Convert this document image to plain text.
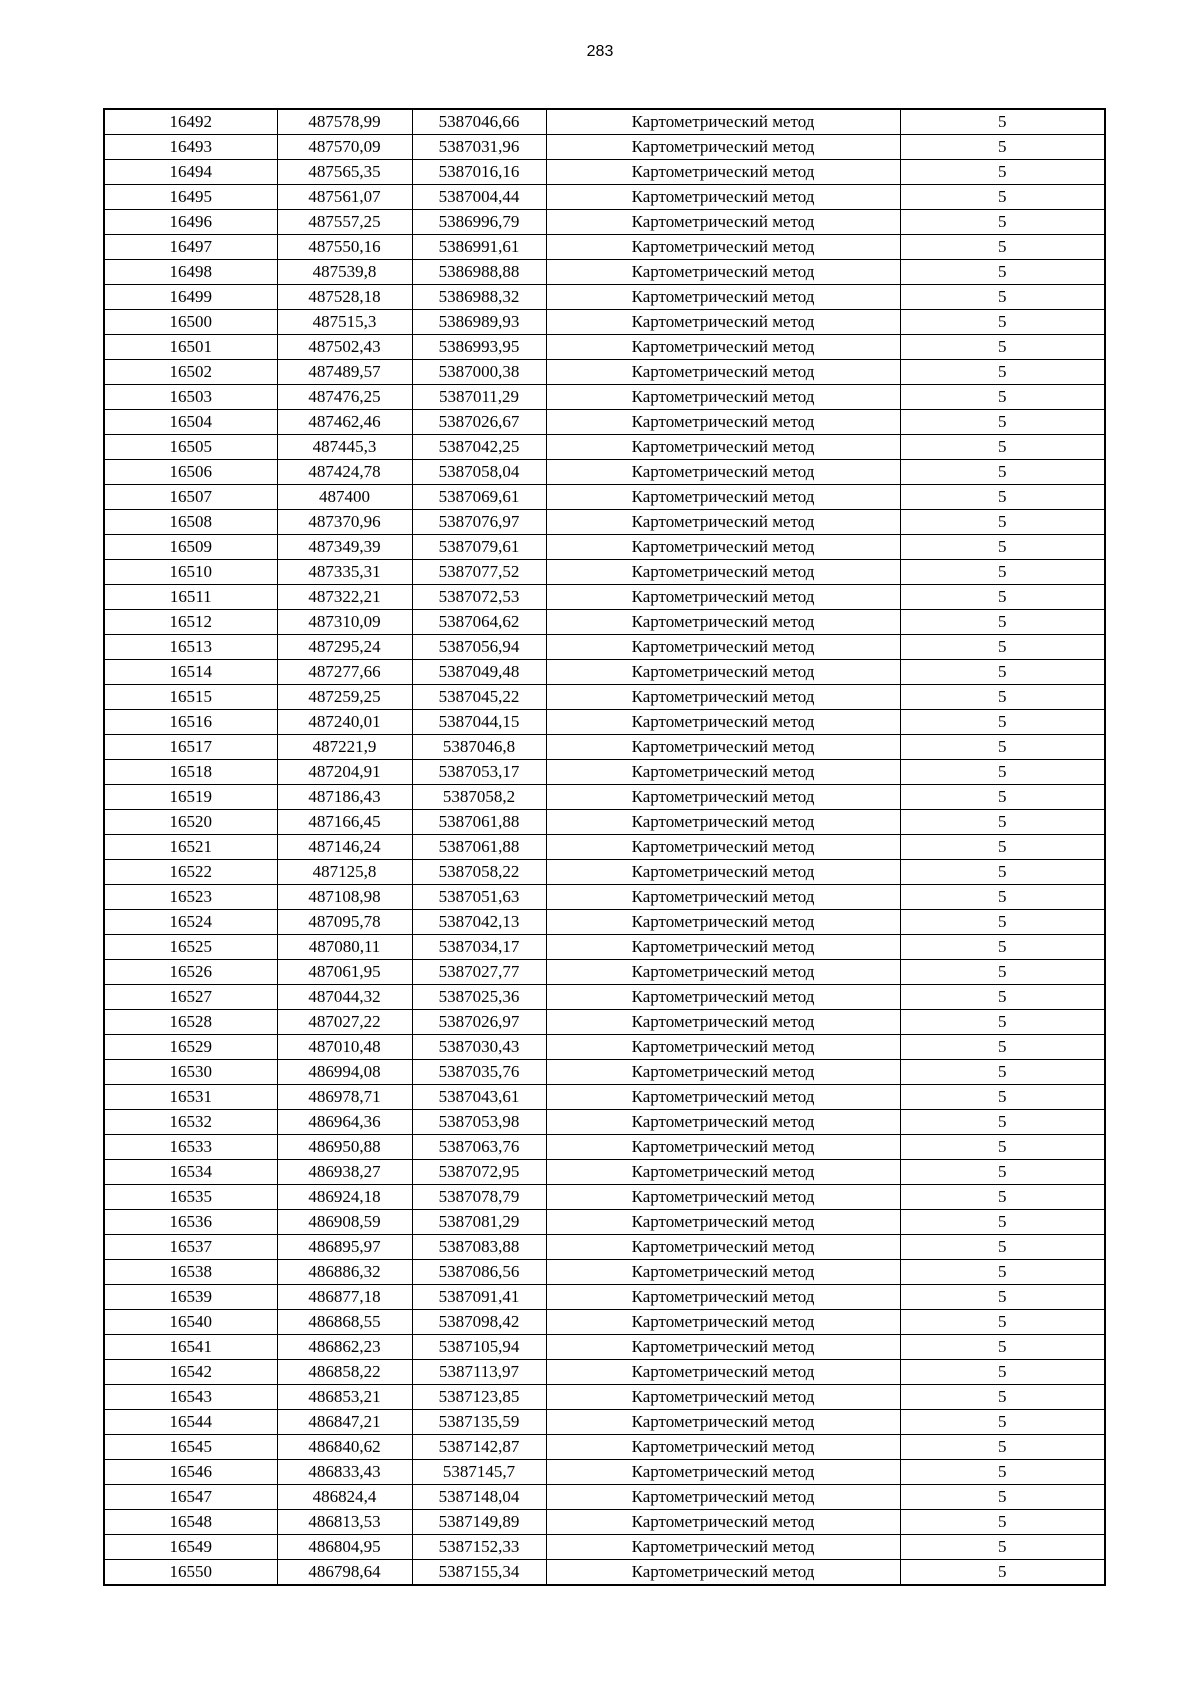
283
16492	487578,99	5387046,66	Картометрический метод	5
16493	487570,09	5387031,96	Картометрический метод	5
16494	487565,35	5387016,16	Картометрический метод	5
16495	487561,07	5387004,44	Картометрический метод	5
16496	487557,25	5386996,79	Картометрический метод	5
16497	487550,16	5386991,61	Картометрический метод	5
16498	487539,8	5386988,88	Картометрический метод	5
16499	487528,18	5386988,32	Картометрический метод	5
16500	487515,3	5386989,93	Картометрический метод	5
16501	487502,43	5386993,95	Картометрический метод	5
16502	487489,57	5387000,38	Картометрический метод	5
16503	487476,25	5387011,29	Картометрический метод	5
16504	487462,46	5387026,67	Картометрический метод	5
16505	487445,3	5387042,25	Картометрический метод	5
16506	487424,78	5387058,04	Картометрический метод	5
16507	487400	5387069,61	Картометрический метод	5
16508	487370,96	5387076,97	Картометрический метод	5
16509	487349,39	5387079,61	Картометрический метод	5
16510	487335,31	5387077,52	Картометрический метод	5
16511	487322,21	5387072,53	Картометрический метод	5
16512	487310,09	5387064,62	Картометрический метод	5
16513	487295,24	5387056,94	Картометрический метод	5
16514	487277,66	5387049,48	Картометрический метод	5
16515	487259,25	5387045,22	Картометрический метод	5
16516	487240,01	5387044,15	Картометрический метод	5
16517	487221,9	5387046,8	Картометрический метод	5
16518	487204,91	5387053,17	Картометрический метод	5
16519	487186,43	5387058,2	Картометрический метод	5
16520	487166,45	5387061,88	Картометрический метод	5
16521	487146,24	5387061,88	Картометрический метод	5
16522	487125,8	5387058,22	Картометрический метод	5
16523	487108,98	5387051,63	Картометрический метод	5
16524	487095,78	5387042,13	Картометрический метод	5
16525	487080,11	5387034,17	Картометрический метод	5
16526	487061,95	5387027,77	Картометрический метод	5
16527	487044,32	5387025,36	Картометрический метод	5
16528	487027,22	5387026,97	Картометрический метод	5
16529	487010,48	5387030,43	Картометрический метод	5
16530	486994,08	5387035,76	Картометрический метод	5
16531	486978,71	5387043,61	Картометрический метод	5
16532	486964,36	5387053,98	Картометрический метод	5
16533	486950,88	5387063,76	Картометрический метод	5
16534	486938,27	5387072,95	Картометрический метод	5
16535	486924,18	5387078,79	Картометрический метод	5
16536	486908,59	5387081,29	Картометрический метод	5
16537	486895,97	5387083,88	Картометрический метод	5
16538	486886,32	5387086,56	Картометрический метод	5
16539	486877,18	5387091,41	Картометрический метод	5
16540	486868,55	5387098,42	Картометрический метод	5
16541	486862,23	5387105,94	Картометрический метод	5
16542	486858,22	5387113,97	Картометрический метод	5
16543	486853,21	5387123,85	Картометрический метод	5
16544	486847,21	5387135,59	Картометрический метод	5
16545	486840,62	5387142,87	Картометрический метод	5
16546	486833,43	5387145,7	Картометрический метод	5
16547	486824,4	5387148,04	Картометрический метод	5
16548	486813,53	5387149,89	Картометрический метод	5
16549	486804,95	5387152,33	Картометрический метод	5
16550	486798,64	5387155,34	Картометрический метод	5
